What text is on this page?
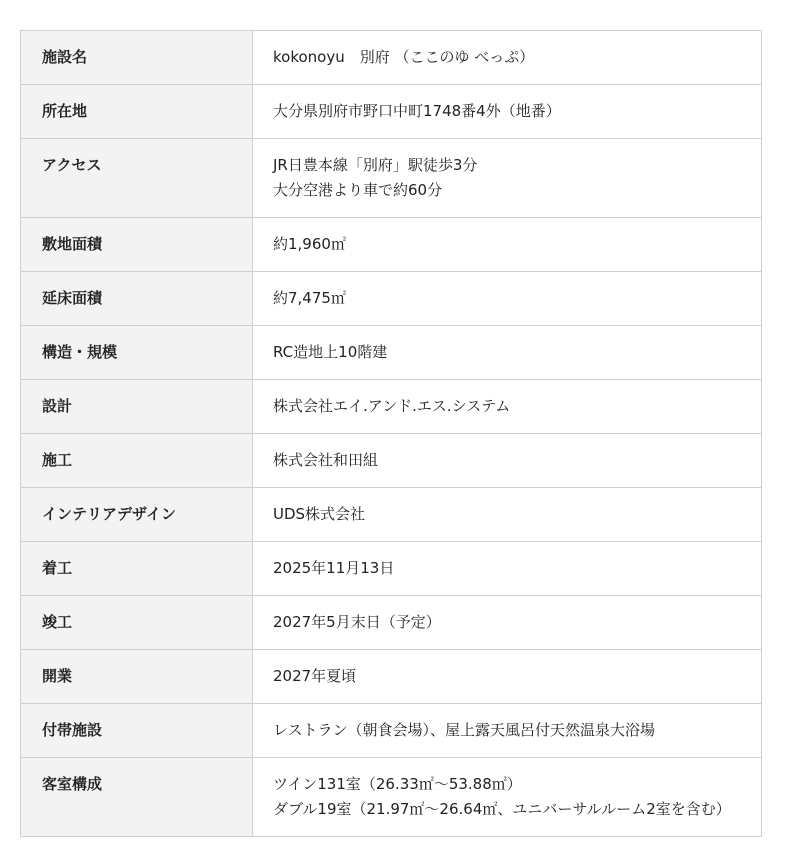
施設名	kokonoyu　別府 （ここのゆ べっぷ）

所在地	大分県別府市野口中町1748番4外（地番）

アクセス	JR日豊本線「別府」駅徒歩3分
大分空港より車で約60分

敷地面積	約1,960㎡

延床面積	約7,475㎡

構造・規模	RC造地上10階建

設計	株式会社エイ.アンド.エス.システム

施工	株式会社和田組

インテリアデザイン	UDS株式会社

着工	2025年11月13日

竣工	2027年5月末日（予定）

開業	2027年夏頃

付帯施設	レストラン（朝食会場）、屋上露天風呂付天然温泉大浴場

客室構成	ツイン131室（26.33㎡～53.88㎡）
ダブル19室（21.97㎡～26.64㎡、ユニバーサルルーム2室を含む）
